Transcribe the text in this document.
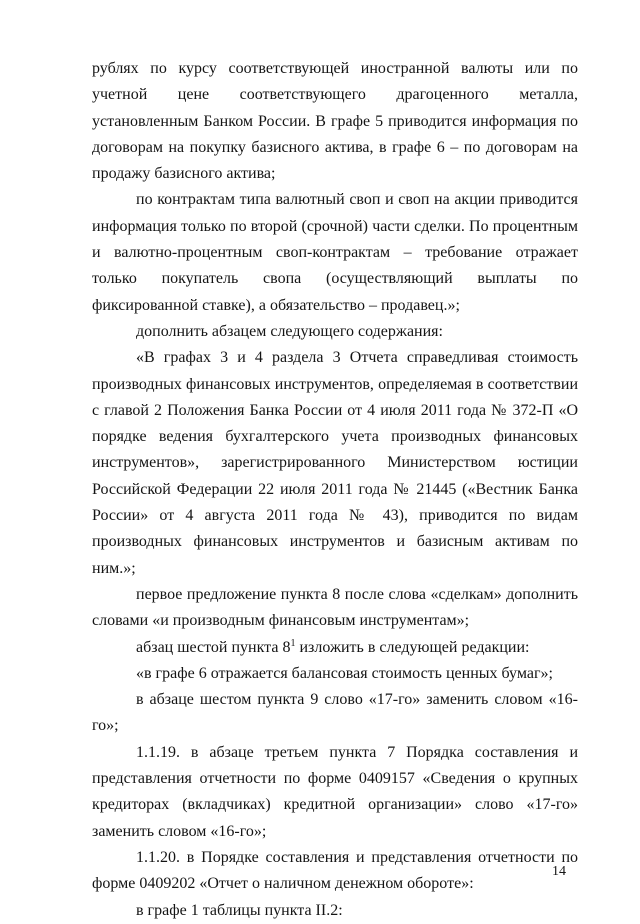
рублях по курсу соответствующей иностранной валюты или по учетной цене соответствующего драгоценного металла, установленным Банком России. В графе 5 приводится информация по договорам на покупку базисного актива, в графе 6 – по договорам на продажу базисного актива;

по контрактам типа валютный своп и своп на акции приводится информация только по второй (срочной) части сделки. По процентным и валютно-процентным своп-контрактам – требование отражает только покупатель свопа (осуществляющий выплаты по фиксированной ставке), а обязательство – продавец.»;

дополнить абзацем следующего содержания:

«В графах 3 и 4 раздела 3 Отчета справедливая стоимость производных финансовых инструментов, определяемая в соответствии с главой 2 Положения Банка России от 4 июля 2011 года № 372-П «О порядке ведения бухгалтерского учета производных финансовых инструментов», зарегистрированного Министерством юстиции Российской Федерации 22 июля 2011 года № 21445 («Вестник Банка России» от 4 августа 2011 года № 43), приводится по видам производных финансовых инструментов и базисным активам по ним.»;

первое предложение пункта 8 после слова «сделкам» дополнить словами «и производным финансовым инструментам»;

абзац шестой пункта $8^1$ изложить в следующей редакции:

«в графе 6 отражается балансовая стоимость ценных бумаг»;

в абзаце шестом пункта 9 слово «17-го» заменить словом «16-го»;

1.1.19. в абзаце третьем пункта 7 Порядка составления и представления отчетности по форме 0409157 «Сведения о крупных кредиторах (вкладчиках) кредитной организации» слово «17-го» заменить словом «16-го»;

1.1.20. в Порядке составления и представления отчетности по форме 0409202 «Отчет о наличном денежном обороте»:

в графе 1 таблицы пункта II.2:

14
